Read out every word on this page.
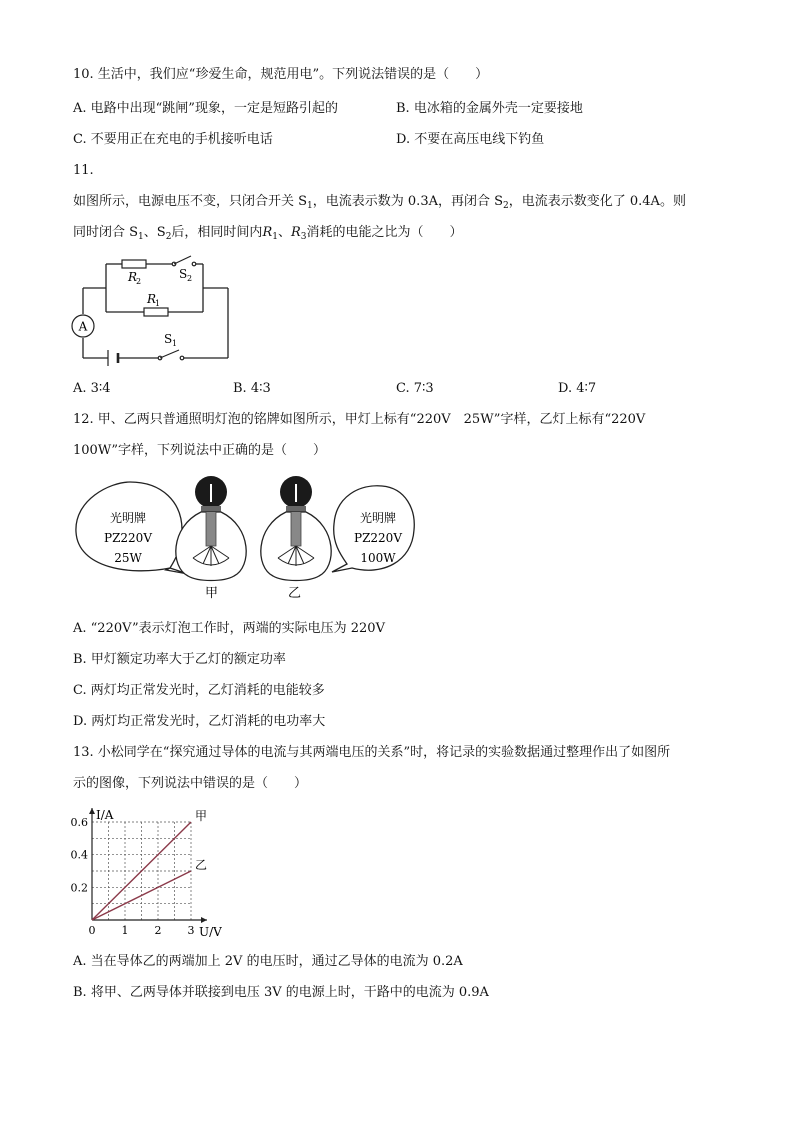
10. 生活中，我们应“珍爱生命，规范用电”。下列说法错误的是（　　）
A. 电路中出现“跳闸”现象，一定是短路引起的	B. 电冰箱的金属外壳一定要接地
C. 不要用正在充电的手机接听电话	D. 不要在高压电线下钓鱼
11.
如图所示，电源电压不变，只闭合开关 $S_1$，电流表示数为 0.3A，再闭合 $S_2$，电流表示数变化了 0.4A。则
同时闭合 $S_1$、$S_2$后，相同时间内$R_1$、$R_3$消耗的电能之比为（　　）
A
R
2
S 2
R
1
S 1
A. 3∶4	B. 4∶3	C. 7∶3	D. 4∶7
12. 甲、乙两只普通照明灯泡的铭牌如图所示，甲灯上标有“220V　25W”字样，乙灯上标有“220V
100W”字样，下列说法中正确的是（　　）
光明牌
PZ220V
25W
甲	乙
光明牌
PZ220V
100W
A. “220V”表示灯泡工作时，两端的实际电压为 220V
B. 甲灯额定功率大于乙灯的额定功率
C. 两灯均正常发光时，乙灯消耗的电能较多
D. 两灯均正常发光时，乙灯消耗的电功率大
13. 小松同学在“探究通过导体的电流与其两端电压的关系”时，将记录的实验数据通过整理作出了如图所
示的图像，下列说法中错误的是（　　）
I/A
U/V
0 1 2 3
0.2
0.4
0.6	甲
乙
A. 当在导体乙的两端加上 2V 的电压时，通过乙导体的电流为 0.2A
B. 将甲、乙两导体并联接到电压 3V 的电源上时，干路中的电流为 0.9A
